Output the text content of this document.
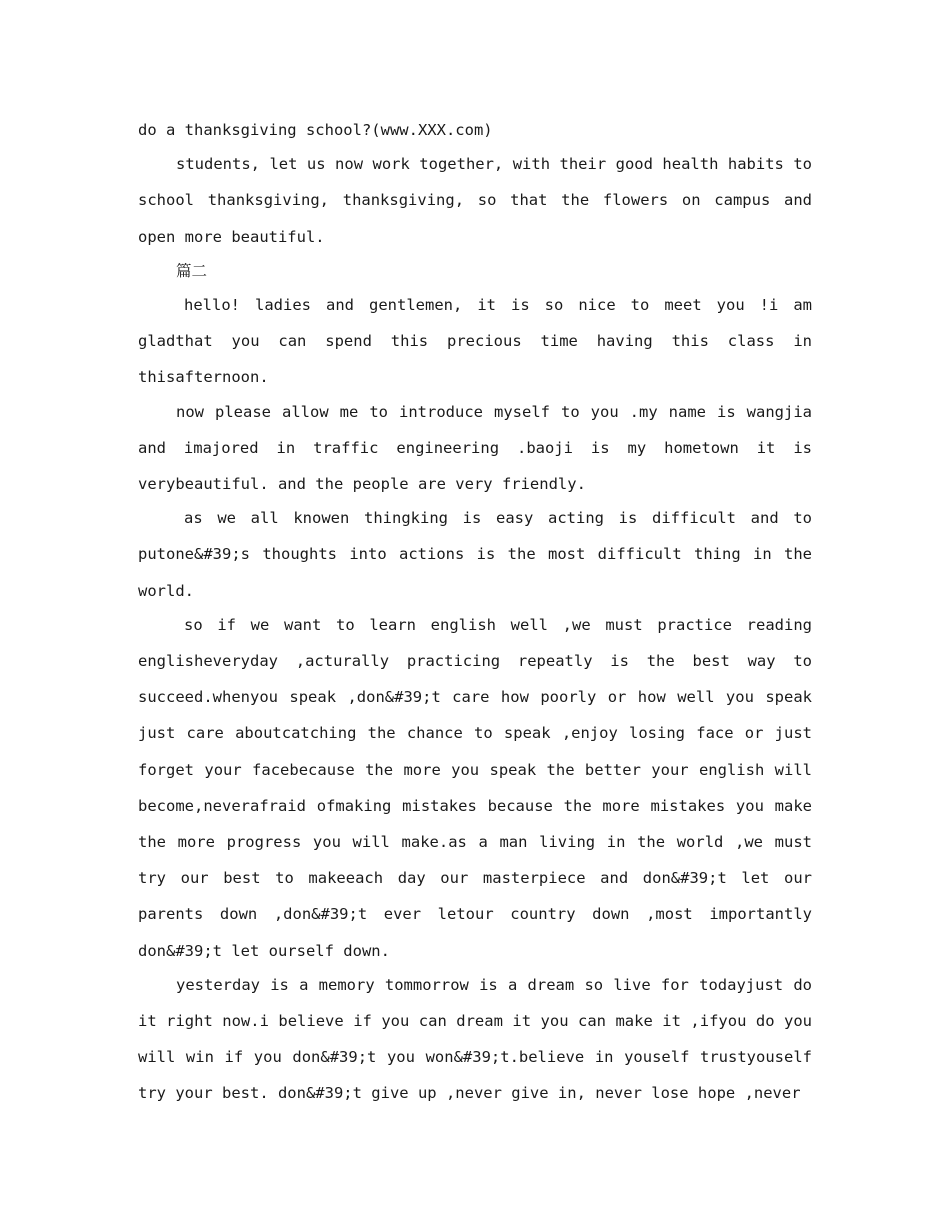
do a thanksgiving school?(www.XXX.com)

students, let us now work together, with their good health habits to school thanksgiving, thanksgiving, so that the flowers on campus and open more beautiful.

篇二

hello! ladies and gentlemen, it is so nice to meet you !i am gladthat you can spend this precious time having this class in thisafternoon.

now please allow me to introduce myself to you .my name is wangjia and imajored in traffic engineering .baoji is my hometown it is verybeautiful. and the people are very friendly.

as we all knowen thingking is easy acting is difficult and to putone&#39;s thoughts into actions is the most difficult thing in the world.

so if we want to learn english well ,we must practice reading englisheveryday ,acturally practicing repeatly is the best way to succeed.whenyou speak ,don&#39;t care how poorly or how well you speak just care aboutcatching the chance to speak ,enjoy losing face or just forget your facebecause the more you speak the better your english will become,neverafraid ofmaking mistakes because the more mistakes you make the more progress you will make.as a man living in the world ,we must try our best to makeeach day our masterpiece and don&#39;t let our parents down ,don&#39;t ever letour country down ,most importantly don&#39;t let ourself down.

yesterday is a memory tommorrow is a dream so live for todayjust do it right now.i believe if you can dream it you can make it ,ifyou do you will win if you don&#39;t you won&#39;t.believe in youself trustyouself try your best. don&#39;t give up ,never give in, never lose hope ,never
